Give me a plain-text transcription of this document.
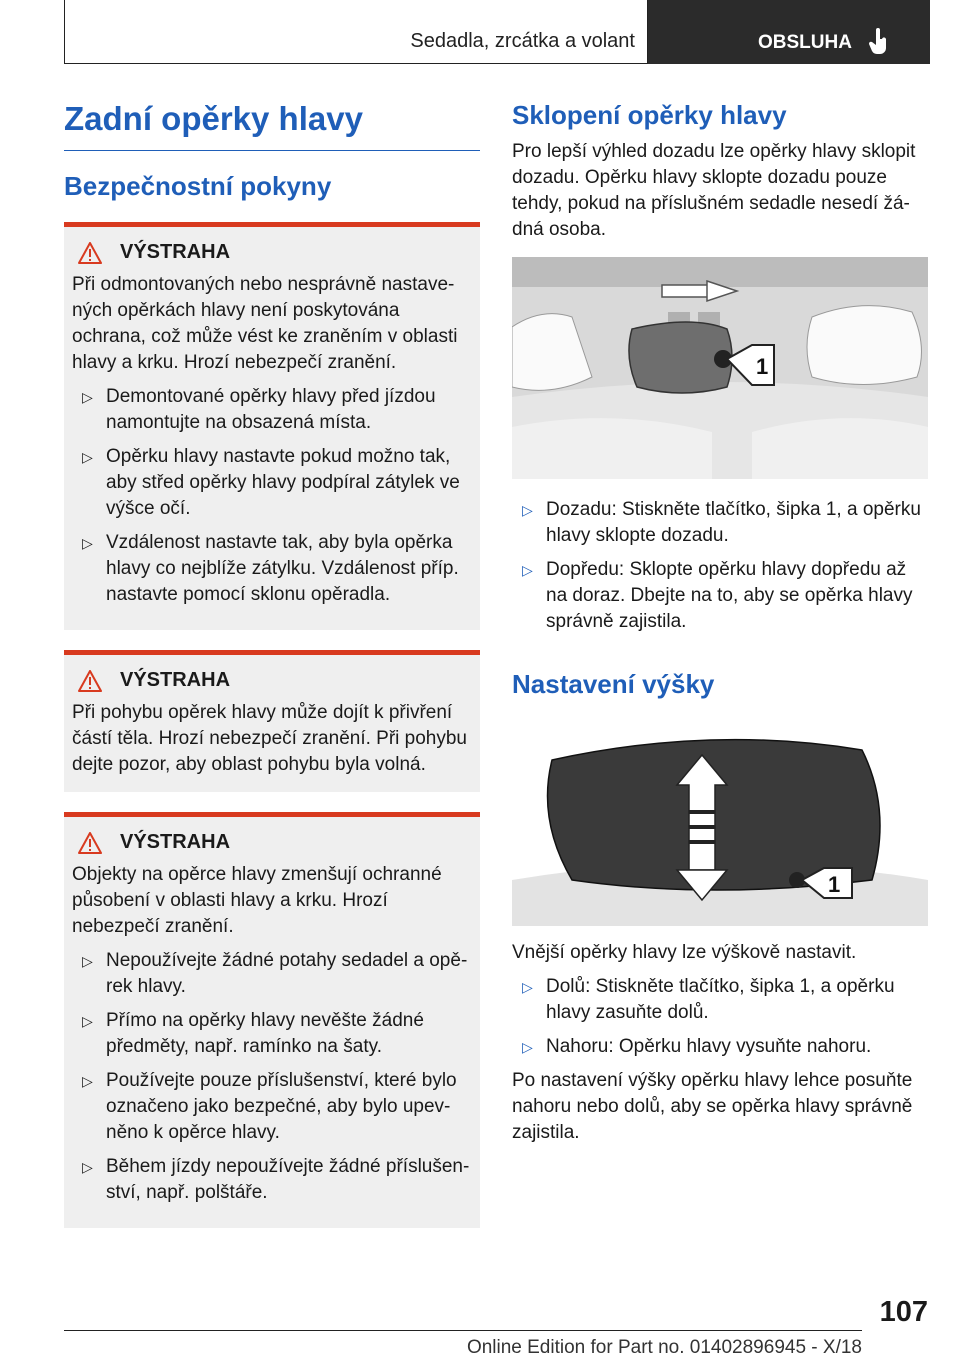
Sedadla, zrcátka a volant	OBSLUHA
Zadní opěrky hlavy
Bezpečnostní pokyny
VÝSTRAHA

Při odmontovaných nebo nesprávně nastavených opěrkách hlavy není poskytována ochrana, což může vést ke zraněním v oblasti hlavy a krku. Hrozí nebezpečí zranění.

▷ Demontované opěrky hlavy před jízdou namontujte na obsazená místa.
▷ Opěrku hlavy nastavte pokud možno tak, aby střed opěrky hlavy podpíral zátylek ve výšce očí.
▷ Vzdálenost nastavte tak, aby byla opěrka hlavy co nejblíže zátylku. Vzdálenost příp. nastavte pomocí sklonu opěradla.
VÝSTRAHA

Při pohybu opěrek hlavy může dojít k přivření částí těla. Hrozí nebezpečí zranění. Při pohybu dejte pozor, aby oblast pohybu byla volná.

VÝSTRAHA

Objekty na opěrce hlavy zmenšují ochranné působení v oblasti hlavy a krku. Hrozí nebezpečí zranění.

▷ Nepoužívejte žádné potahy sedadel a opěrek hlavy.
▷ Přímo na opěrky hlavy nevěšte žádné předměty, např. ramínko na šaty.
▷ Používejte pouze příslušenství, které bylo označeno jako bezpečné, aby bylo upevněno k opěrce hlavy.
▷ Během jízdy nepoužívejte žádné příslušenství, např. polštáře.
Sklopení opěrky hlavy

Pro lepší výhled dozadu lze opěrky hlavy sklopit dozadu. Opěrku hlavy sklopte dozadu pouze tehdy, pokud na příslušném sedadle nesedí žádná osoba.

1
▷ Dozadu: Stiskněte tlačítko, šipka 1, a opěrku hlavy sklopte dozadu.
▷ Dopředu: Sklopte opěrku hlavy dopředu až na doraz. Dbejte na to, aby se opěrka hlavy správně zajistila.
Nastavení výšky
1

Vnější opěrky hlavy lze výškově nastavit.

▷ Dolů: Stiskněte tlačítko, šipka 1, a opěrku hlavy zasuňte dolů.
▷ Nahoru: Opěrku hlavy vysuňte nahoru.

Po nastavení výšky opěrku hlavy lehce posuňte nahoru nebo dolů, aby se opěrka hlavy správně zajistila.

107
Online Edition for Part no. 01402896945 - X/18
